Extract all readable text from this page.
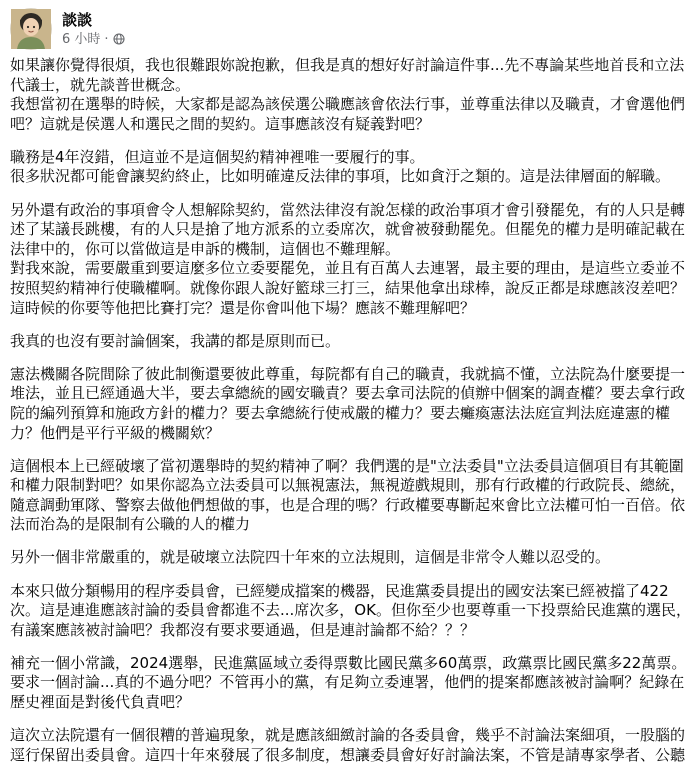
談談
6 小時 ·
如果讓你覺得很煩，我也很難跟妳說抱歉，但我是真的想好好討論這件事...先不專論某些地首長和立法
代議士，就先談普世概念。
我想當初在選舉的時候，大家都是認為該侯選公職應該會依法行事，並尊重法律以及職責，才會選他們
吧？這就是侯選人和選民之間的契約。這事應該沒有疑義對吧？
職務是4年沒錯，但這並不是這個契約精神裡唯一要履行的事。
很多狀況都可能會讓契約終止，比如明確違反法律的事項，比如貪汙之類的。這是法律層面的解職。
另外還有政治的事項會令人想解除契約，當然法律沒有說怎樣的政治事項才會引發罷免，有的人只是轉
述了某議長跳樓，有的人只是搶了地方派系的立委席次，就會被發動罷免。但罷免的權力是明確記載在
法律中的，你可以當做這是申訴的機制，這個也不難理解。
對我來說，需要嚴重到要這麼多位立委要罷免，並且有百萬人去連署，最主要的理由，是這些立委並不
按照契約精神行使職權啊。就像你跟人說好籃球三打三，結果他拿出球棒，說反正都是球應該沒差吧？
這時候的你要等他把比賽打完？還是你會叫他下場？應該不難理解吧？
我真的也沒有要討論個案，我講的都是原則而已。
憲法機關各院間除了彼此制衡還要彼此尊重，每院都有自己的職責，我就搞不懂，立法院為什麼要提一
堆法，並且已經通過大半，要去拿總統的國安職責？要去拿司法院的偵辦中個案的調查權？要去拿行政
院的編列預算和施政方針的權力？要去拿總統行使戒嚴的權力？要去癱瘓憲法法庭宣判法庭違憲的權
力？他們是平行平級的機關欸？
這個根本上已經破壞了當初選舉時的契約精神了啊？我們選的是"立法委員"立法委員這個項目有其範圍
和權力限制對吧？如果你認為立法委員可以無視憲法，無視遊戲規則，那有行政權的行政院長、總統，
隨意調動軍隊、警察去做他們想做的事，也是合理的嗎？行政權要專斷起來會比立法權可怕一百倍。依
法而治為的是限制有公職的人的權力
另外一個非常嚴重的，就是破壞立法院四十年來的立法規則，這個是非常令人難以忍受的。
本來只做分類暢用的程序委員會，已經變成擋案的機器，民進黨委員提出的國安法案已經被擋了422
次。這是連進應該討論的委員會都進不去...席次多，OK。但你至少也要尊重一下投票給民進黨的選民，
有議案應該被討論吧？我都沒有要求要通過，但是連討論都不給？？？
補充一個小常識，2024選舉，民進黨區域立委得票數比國民黨多60萬票，政黨票比國民黨多22萬票。
要求一個討論...真的不過分吧？不管再小的黨，有足夠立委連署，他們的提案都應該被討論啊？紀錄在
歷史裡面是對後代負責吧？
這次立法院還有一個很糟的普遍現象，就是應該細緻討論的各委員會，幾乎不討論法案細項，一股腦的
逕行保留出委員會。這四十年來發展了很多制度，想讓委員會好好討論法案，不管是請專家學者、公聽
